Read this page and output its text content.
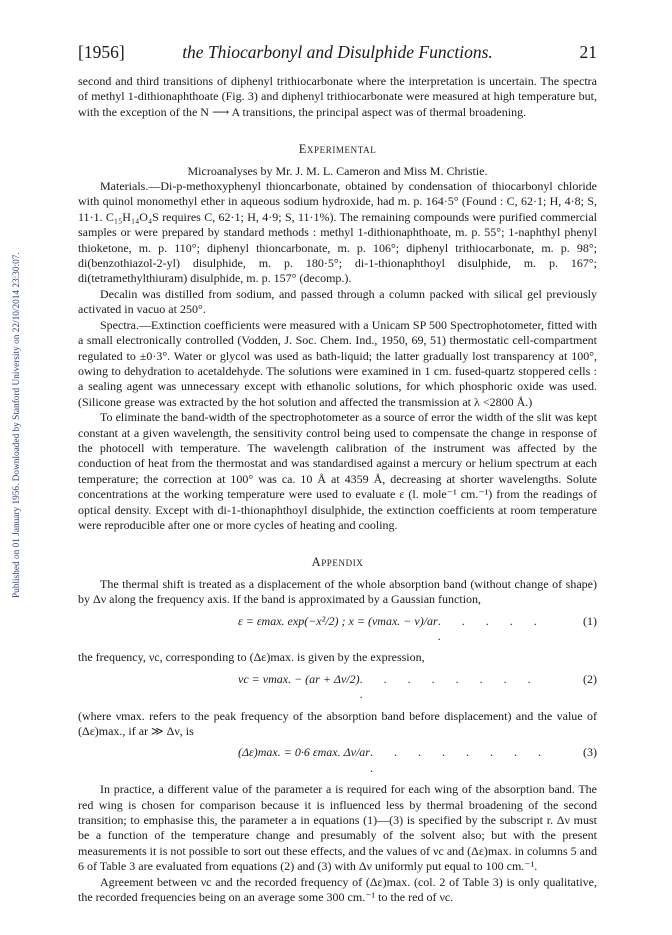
Published on 01 January 1956. Downloaded by Stanford University on 22/10/2014 23:30:07.
[1956]	the Thiocarbonyl and Disulphide Functions.	21

second and third transitions of diphenyl trithiocarbonate where the interpretation is uncertain. The spectra of methyl 1-dithionaphthoate (Fig. 3) and diphenyl trithiocarbonate were measured at high temperature but, with the exception of the N ⟶ A transitions, the principal aspect was of thermal broadening.

Experimental

Microanalyses by Mr. J. M. L. Cameron and Miss M. Christie.

Materials.—Di-p-methoxyphenyl thioncarbonate, obtained by condensation of thiocarbonyl chloride with quinol monomethyl ether in aqueous sodium hydroxide, had m. p. 164·5° (Found : C, 62·1; H, 4·8; S, 11·1. C₁₅H₁₄O₄S requires C, 62·1; H, 4·9; S, 11·1%). The remaining compounds were purified commercial samples or were prepared by standard methods : methyl 1-dithionaphthoate, m. p. 55°; 1-naphthyl phenyl thioketone, m. p. 110°; diphenyl thioncarbonate, m. p. 106°; diphenyl trithiocarbonate, m. p. 98°; di(benzothiazol-2-yl) disulphide, m. p. 180·5°; di-1-thionaphthoyl disulphide, m. p. 167°; di(tetramethylthiuram) disulphide, m. p. 157° (decomp.).

Decalin was distilled from sodium, and passed through a column packed with silical gel previously activated in vacuo at 250°.

Spectra.—Extinction coefficients were measured with a Unicam SP 500 Spectrophotometer, fitted with a small electronically controlled (Vodden, J. Soc. Chem. Ind., 1950, 69, 51) thermostatic cell-compartment regulated to ±0·3°. Water or glycol was used as bath-liquid; the latter gradually lost transparency at 100°, owing to dehydration to acetaldehyde. The solutions were examined in 1 cm. fused-quartz stoppered cells : a sealing agent was unnecessary except with ethanolic solutions, for which phosphoric oxide was used. (Silicone grease was extracted by the hot solution and affected the transmission at λ <2800 Å.)

To eliminate the band-width of the spectrophotometer as a source of error the width of the slit was kept constant at a given wavelength, the sensitivity control being used to compensate the change in response of the photocell with temperature. The wavelength calibration of the instrument was affected by the conduction of heat from the thermostat and was standardised against a mercury or helium spectrum at each temperature; the correction at 100° was ca. 10 Å at 4359 Å, decreasing at shorter wavelengths. Solute concentrations at the working temperature were used to evaluate ε (l. mole⁻¹ cm.⁻¹) from the readings of optical density. Except with di-1-thionaphthoyl disulphide, the extinction coefficients at room temperature were reproducible after one or more cycles of heating and cooling.

Appendix

The thermal shift is treated as a displacement of the whole absorption band (without change of shape) by Δν along the frequency axis. If the band is approximated by a Gaussian function,

ε = εmax. exp(−x²/2) ; x = (νmax. − ν)/ar . . . . . .
(1)

the frequency, νc, corresponding to (Δε)max. is given by the expression,

νc = νmax. − (ar + Δν/2) . . . . . . . . .
(2)

(where νmax. refers to the peak frequency of the absorption band before displacement) and the value of (Δε)max., if ar ≫ Δν, is

(Δε)max. = 0·6 εmax. Δν/ar . . . . . . . . .
(3)

In practice, a different value of the parameter a is required for each wing of the absorption band. The red wing is chosen for comparison because it is influenced less by thermal broadening of the second transition; to emphasise this, the parameter a in equations (1)—(3) is specified by the subscript r. Δν must be a function of the temperature change and presumably of the solvent also; but with the present measurements it is not possible to sort out these effects, and the values of νc and (Δε)max. in columns 5 and 6 of Table 3 are evaluated from equations (2) and (3) with Δν uniformly put equal to 100 cm.⁻¹.

Agreement between νc and the recorded frequency of (Δε)max. (col. 2 of Table 3) is only qualitative, the recorded frequencies being on an average some 300 cm.⁻¹ to the red of νc.
